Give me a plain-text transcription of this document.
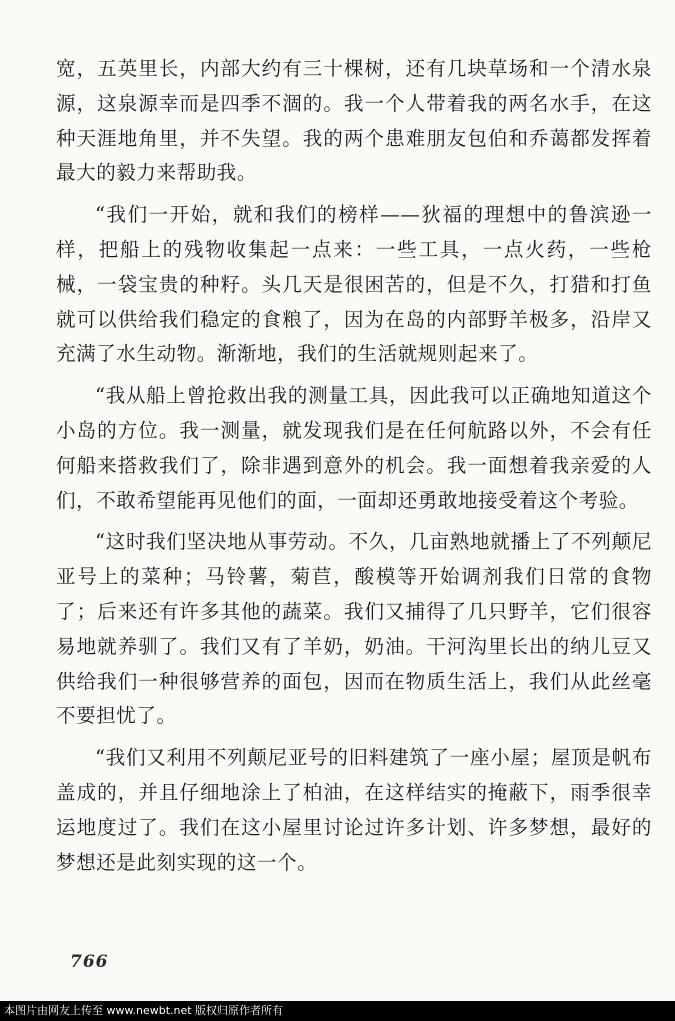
宽，五英里长，内部大约有三十棵树，还有几块草场和一个清水泉源，这泉源幸而是四季不涸的。我一个人带着我的两名水手，在这种天涯地角里，并不失望。我的两个患难朋友包伯和乔蔼都发挥着最大的毅力来帮助我。

“我们一开始，就和我们的榜样——狄福的理想中的鲁滨逊一样，把船上的残物收集起一点来：一些工具，一点火药，一些枪械，一袋宝贵的种籽。头几天是很困苦的，但是不久，打猎和打鱼就可以供给我们稳定的食粮了，因为在岛的内部野羊极多，沿岸又充满了水生动物。渐渐地，我们的生活就规则起来了。

“我从船上曾抢救出我的测量工具，因此我可以正确地知道这个小岛的方位。我一测量，就发现我们是在任何航路以外，不会有任何船来搭救我们了，除非遇到意外的机会。我一面想着我亲爱的人们，不敢希望能再见他们的面，一面却还勇敢地接受着这个考验。

“这时我们坚决地从事劳动。不久，几亩熟地就播上了不列颠尼亚号上的菜种；马铃薯，菊苣，酸模等开始调剂我们日常的食物了；后来还有许多其他的蔬菜。我们又捕得了几只野羊，它们很容易地就养驯了。我们又有了羊奶，奶油。干河沟里长出的纳儿豆又供给我们一种很够营养的面包，因而在物质生活上，我们从此丝毫不要担忧了。

“我们又利用不列颠尼亚号的旧料建筑了一座小屋；屋顶是帆布盖成的，并且仔细地涂上了柏油，在这样结实的掩蔽下，雨季很幸运地度过了。我们在这小屋里讨论过许多计划、许多梦想，最好的梦想还是此刻实现的这一个。

766
本图片由网友上传至 www.newbt.net 版权归原作者所有
